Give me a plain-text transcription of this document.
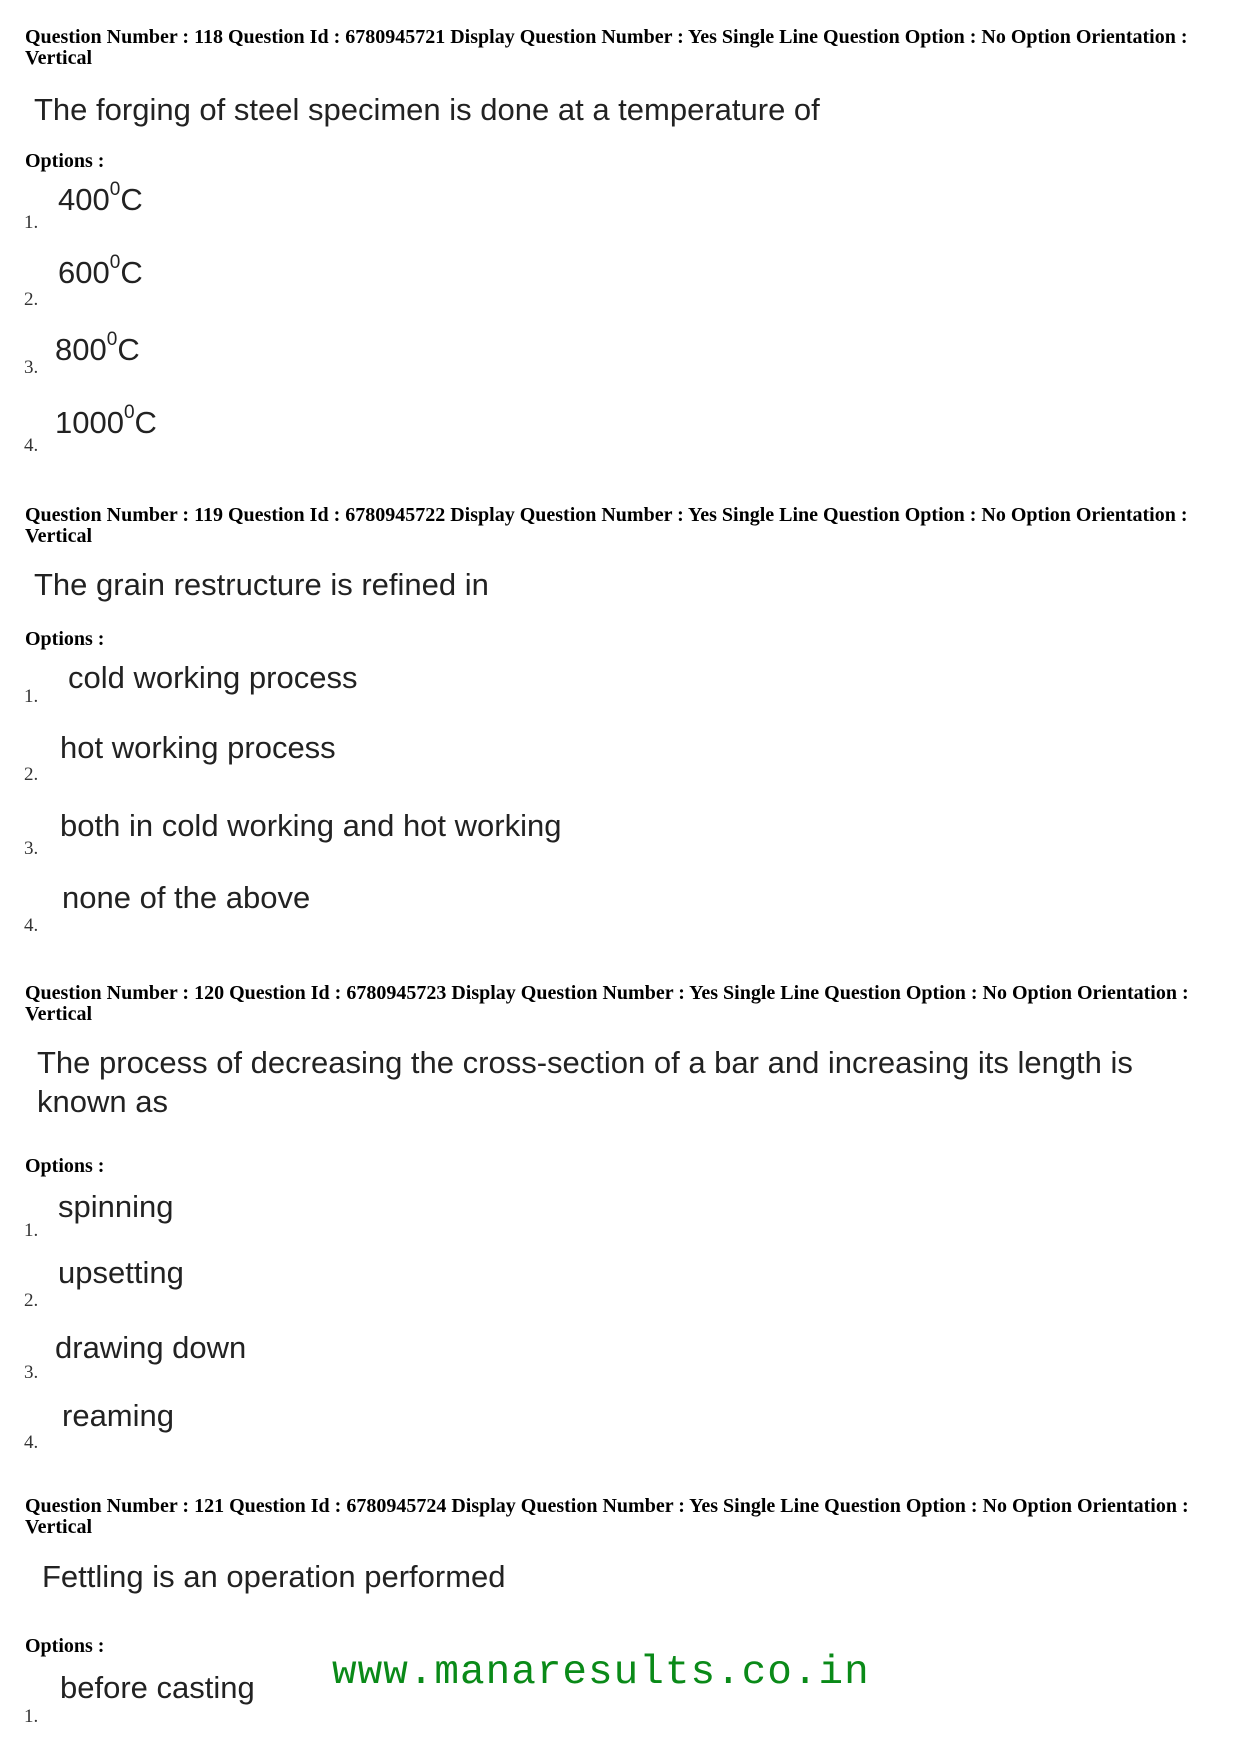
Question Number : 118 Question Id : 6780945721 Display Question Number : Yes Single Line Question Option : No Option Orientation : Vertical
The forging of steel specimen is done at a temperature of
Options :
1.
$400^0C$
2.
$600^0C$
3.
$800^0C$
4.
1000$^0$C
Question Number : 119 Question Id : 6780945722 Display Question Number : Yes Single Line Question Option : No Option Orientation : Vertical
The grain restructure is refined in
Options :
1.
cold working process
2.
hot working process
3.
both in cold working and hot working
4.
none of the above
Question Number : 120 Question Id : 6780945723 Display Question Number : Yes Single Line Question Option : No Option Orientation : Vertical
The process of decreasing the cross-section of a bar and increasing its length is known as
Options :
1.
spinning
2.
upsetting
3.
drawing down
4.
reaming
Question Number : 121 Question Id : 6780945724 Display Question Number : Yes Single Line Question Option : No Option Orientation : Vertical
Fettling is an operation performed
Options :
1.
before casting www.manaresults.co.in
